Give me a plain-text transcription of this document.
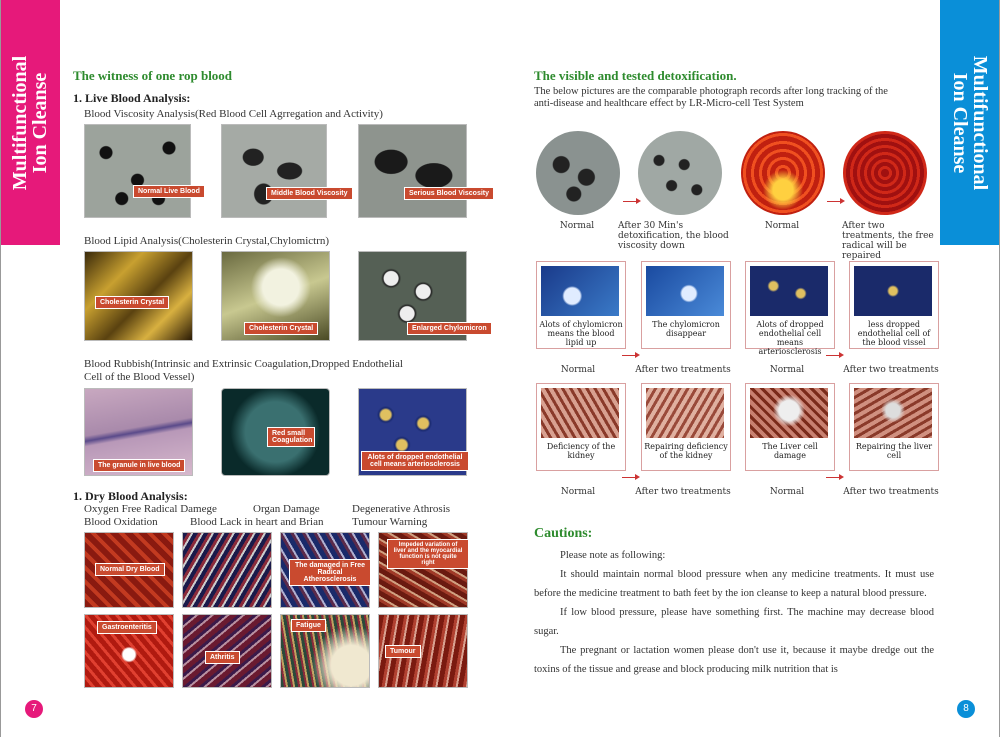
Multifunctional
Ion Cleanse	Multifunctional
Ion Cleanse
The witness of one rop blood
1. Live Blood Analysis:
Blood Viscosity Analysis(Red Blood Cell Agrregation and Activity)
Normal Live Blood	Middle Blood Viscosity	Serious Blood Viscosity
Blood Lipid Analysis(Cholesterin Crystal,Chylomictrn)
Cholesterin Crystal
Cholesterin Crystal	Enlarged Chylomicron
Blood Rubbish(Intrinsic and Extrinsic Coagulation,Dropped Endothelial
Cell of the Blood Vessel)
The granule in live blood
Red small Coagulation
Alots of dropped endothelial cell means arteriosclerosis
1. Dry Blood Analysis:
Oxygen Free Radical Damege	Organ Damage	Degenerative Athrosis
Blood Oxidation	Blood Lack in heart and Brian	Tumour Warning
Normal Dry Blood
The damaged in Free Radical Atherosclerosis
Impeded variation of liver and the myocardial function is not quite right
Gastroenteritis
Athritis
Fatigue
Tumour
7
The visible and tested detoxification.
The below pictures are the comparable photograph records after long tracking of the anti-disease and healthcare effect by LR-Micro-cell Test System
Normal	After 30 Min's detoxification, the blood viscosity down
Normal	After two treatments, the free radical will be repaired
Alots of chylomicron means the blood lipid up
The chylomicron disappear
Alots of dropped endothelial cell means arteriosclerosis
less dropped endothelial cell of the blood vissel
Normal	After two treatments	Normal	After two treatments
Deficiency of the kidney
Repairing deficiency of the kidney
The Liver cell damage
Repairing the liver cell
Normal	After two treatments	Normal	After two treatments
Cautions:

Please note as following:

It should maintain normal blood pressure when any medicine treatments. It must use before the medicine treatment to bath feet by the ion cleanse to keep a natural blood pressure.

If low blood pressure, please have something first. The machine may decrease blood sugar.

The pregnant or lactation women please don't use it, because it maybe dredge out the toxins of the tissue and grease and block producing milk nutrition that is

8
